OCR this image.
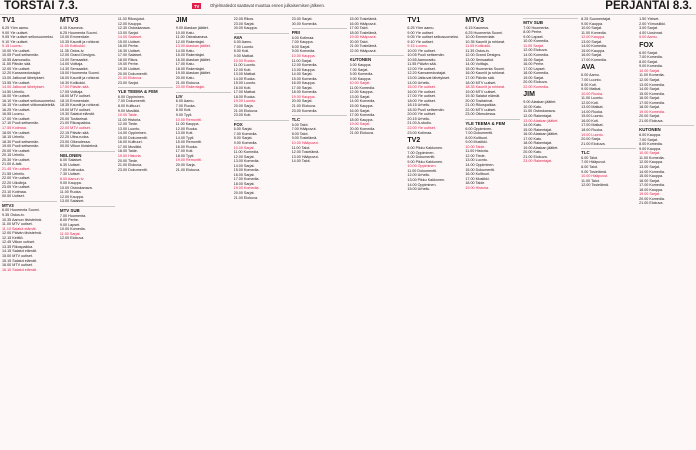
TORSTAI 7.3.	TV	Ohjelmatiedot saattavat muuttua ennen julkaisemisen jälkeen.	PERJANTAI 8.3.
TV1
6.25 Yöm aamu.
9.00 Yle uutiset.
9.05 Yle uutiset selkosuomeksi.
9.10 Yle uutiset.
9.15 Luomu.
10.00 Yle uutiset.
10.05 Puoli seitsemän.
10.55 Aamuradio.
11.55 Päivän sää.
12.00 Yle uutiset.
12.20 Kansanedustajat.
13.00 Jatkuvat lähetykset.
13.55 Yle uutiset.
14.00 Jatkuvat lähetykset.
14.50 Urheilu.
16.00 Yle uutiset.
16.10 Yle uutiset selkosuomeksi.
16.15 Yle uutiset viittomakielellä.
16.25 Yle uutiset.
16.55 Luomu.
17.00 Yle uutiset.
17.10 Puoli seitsemän.
17.55 Kotimaa.
18.00 Yle uutiset.
18.15 Urheilu.
18.30 Puoli seitsemän.
19.00 Puoli seitsemän.
20.00 Yle uutiset.
20.15 Urheilu.
20.30 Yle uutiset.
21.00 A-talk.
21.45 Yle uutiset.
21.55 Urheilu.
22.00 Yle uutiset.
22.20 Ulkolinja.
23.05 Yle uutiset.
23.10 Kotimaa.
00.00 Uutiset.
MTV3
6.00 Huomenta Suomi.
9.35 Ostos-tv.
10.35 Aamun tiivistelmä.
11.00 MTV uutiset.
11.10 Salatut elämät.
12.00 Päivän tiivistelmä.
12.15 Keittiö.
12.45 Viikon uutiset.
13.35 Rikospaikka.
14.15 Salatut elämät.
15.00 MTV uutiset.
15.15 Salatut elämät.
16.00 MTV uutiset.
16.10 Salatut elämät.
MTV3
6.15 Kauneus.
6.25 Huomenta Suomi.
10.00 Emmerdale.
10.35 Kauniit ja rohkeat.
11.05 Kotikokki.
11.35 Ostos-tv.
12.00 Grand Designs.
13.00 Sensaatiot.
14.00 Voittaja.
14.30 Sensaatiot.
15.00 Huomenta Suomi.
16.00 Kauniit ja rohkeat.
16.30 Kotikokki.
17.00 Päivän sää.
17.05 Voittaja.
18.00 MTV uutiset.
18.10 Emmerdale.
18.35 Kauniit ja rohkeat.
19.00 MTV uutiset.
19.30 Salatut elämät.
20.00 Tositarinat.
21.00 Rikospaikka.
22.00 MTV uutiset.
22.15 Päivän sää.
22.20 Ultra-ruoka.
23.00 Oikeudessa.
00.00 Viikon tiivistelmä.
NELONEN
6.00 Salaiset.
6.30 Uutiset.
7.00 Kotiruoka.
7.30 Uutiset.
8.00 Aamun tv.
9.00 Kauppa.
10.00 Ostoskanava.
11.00 Ruoka.
12.00 Kauppa.
13.00 Salaiset.
MTV SUB
7.00 Huomenta.
8.00 Perhe.
9.00 Lapset.
10.00 Komedia.
11.00 Sarjat.
12.00 Elokuva.
11.30 Rikosjutut.
12.00 Kauppa.
12.30 Ostoskanava.
13.00 Sarjat.
14.00 Salaiset.
15.00 Uutiset.
16.00 Perhe.
16.30 Uutiset.
17.00 Salaiset.
18.00 Rikos.
19.00 Perhe.
19.30 Uutiset.
20.00 Dokumentti.
21.00 Elokuva.
23.00 Sarjat.
YLE TEEMA & FEM
6.00 Oppiminen.
7.00 Dokumentti.
8.00 Kulttuuri.
9.00 Musiikki.
10.00 Taide.
11.00 Historia.
12.00 Tiede.
13.00 Luonto.
14.00 Oppiminen.
15.00 Dokumentti.
16.00 Kulttuuri.
17.00 Musiikki.
18.00 Taide.
19.00 Historia.
20.00 Tiede.
21.00 Elokuva.
23.00 Dokumentti.
JIM
9.00 Alaskan jäätiet.
10.00 Katu.
11.00 Ostoskanava.
12.00 Rakentajat.
13.00 Alaskan jäätiet.
14.00 Katu.
15.00 Rakentajat.
16.00 Alaskan jäätiet.
17.00 Katu.
18.00 Rakentajat.
19.00 Alaskan jäätiet.
20.00 Katu.
21.00 Elokuva.
23.00 Rakentajat.
LIV
6.00 Aamu.
7.00 Ruoka.
8.00 Koti.
9.00 Tyyli.
10.00 Remontti.
11.00 Kauppa.
12.00 Ruoka.
13.00 Koti.
14.00 Tyyli.
15.00 Remontti.
16.00 Ruoka.
17.00 Koti.
18.00 Tyyli.
19.00 Remontti.
20.00 Sarja.
21.00 Elokuva.
22.05 Rikos.
23.00 Sarjat.
00.00 Kauppa.
AVA
6.00 Aamu.
7.00 Luonto.
8.00 Koti.
9.00 Matkat.
10.00 Ruoka.
11.00 Luonto.
12.00 Koti.
13.00 Matkat.
14.00 Ruoka.
15.00 Luonto.
16.00 Koti.
17.00 Matkat.
18.00 Ruoka.
19.00 Luonto.
20.00 Sarja.
21.00 Elokuva.
23.00 Koti.
FOX
6.00 Sarjat.
7.00 Komedia.
8.00 Sarjat.
9.00 Komedia.
10.00 Sarjat.
11.00 Komedia.
12.00 Sarjat.
13.00 Komedia.
14.00 Sarjat.
15.00 Komedia.
16.00 Sarjat.
17.00 Komedia.
18.00 Sarjat.
19.00 Komedia.
20.00 Sarjat.
21.00 Elokuva.
23.00 Sarjat.
00.00 Komedia.
FRII
6.00 Kotimaa.
7.00 Kauppa.
8.00 Sarjat.
9.00 Komedia.
10.00 Kauppa.
11.00 Sarjat.
12.00 Komedia.
13.00 Kauppa.
14.00 Sarjat.
15.00 Komedia.
16.00 Kauppa.
17.00 Sarjat.
18.00 Komedia.
19.00 Kauppa.
20.00 Sarjat.
21.00 Elokuva.
23.00 Komedia.
TLC
6.00 Talot.
7.00 Hääpuvut.
8.00 Talot.
9.00 Tosielämä.
10.00 Hääpuvut.
11.00 Talot.
12.00 Tosielämä.
13.00 Hääpuvut.
14.00 Talot.
15.00 Tosielämä.
16.00 Hääpuvut.
17.00 Talot.
18.00 Tosielämä.
19.00 Hääpuvut.
20.00 Talot.
21.00 Tosielämä.
22.00 Hääpuvut.
KUTONEN
6.00 Kauppa.
7.00 Sarjat.
8.00 Komedia.
9.00 Kauppa.
10.00 Sarjat.
11.00 Komedia.
12.00 Kauppa.
13.00 Sarjat.
14.00 Komedia.
15.00 Kauppa.
16.00 Sarjat.
17.00 Komedia.
18.00 Kauppa.
19.00 Sarjat.
20.00 Komedia.
21.00 Elokuva.
TV1
6.25 Yöm aamu.
9.00 Yle uutiset.
9.05 Yle uutiset selkosuomeksi.
9.10 Yle uutiset.
9.15 Luomu.
10.00 Yle uutiset.
10.05 Puoli seitsemän.
10.55 Aamuradio.
11.55 Päivän sää.
12.00 Yle uutiset.
12.20 Kansanedustajat.
13.00 Jatkuvat lähetykset.
14.00 Urheilu.
15.00 Yle uutiset.
16.00 Yle uutiset.
17.00 Yle uutiset.
18.00 Yle uutiset.
18.15 Urheilu.
18.30 Puoli seitsemän.
20.00 Yle uutiset.
20.15 Urheilu.
21.00 A-studio.
22.00 Yle uutiset.
23.00 Kotimaa.
TV2
6.00 Pikku Kakkonen.
7.00 Oppiminen.
8.00 Dokumentti.
9.00 Pikku Kakkonen.
10.00 Oppiminen.
11.00 Dokumentti.
12.00 Urheilu.
13.00 Pikku Kakkonen.
14.00 Oppiminen.
15.00 Urheilu.
MTV3
6.15 Kauneus.
6.25 Huomenta Suomi.
10.00 Emmerdale.
10.35 Kauniit ja rohkeat.
11.05 Kotikokki.
11.35 Ostos-tv.
12.00 Grand Designs.
13.00 Sensaatiot.
14.00 Voittaja.
15.00 Huomenta Suomi.
16.00 Kauniit ja rohkeat.
17.00 Päivän sää.
18.00 MTV uutiset.
18.35 Kauniit ja rohkeat.
19.00 MTV uutiset.
19.30 Salatut elämät.
20.00 Tositarinat.
21.00 Rikospaikka.
22.00 MTV uutiset.
23.00 Oikeudessa.
YLE TEEMA & FEM
6.00 Oppiminen.
7.00 Dokumentti.
8.00 Kulttuuri.
9.00 Musiikki.
10.00 Taide.
11.00 Historia.
12.00 Tiede.
13.00 Luonto.
14.00 Oppiminen.
15.00 Dokumentti.
16.00 Kulttuuri.
17.00 Musiikki.
18.00 Taide.
19.00 Historia.
MTV SUB
7.00 Huomenta.
8.00 Perhe.
9.00 Lapset.
10.00 Komedia.
11.00 Sarjat.
12.00 Elokuva.
14.00 Komedia.
15.00 Sarjat.
16.00 Perhe.
17.00 Lapset.
18.00 Komedia.
19.00 Sarjat.
20.00 Elokuva.
22.00 Komedia.
JIM
9.00 Alaskan jäätiet.
10.00 Katu.
11.00 Ostoskanava.
12.00 Rakentajat.
13.00 Alaskan jäätiet.
14.00 Katu.
15.00 Rakentajat.
16.00 Alaskan jäätiet.
17.00 Katu.
18.00 Rakentajat.
19.00 Alaskan jäätiet.
20.00 Katu.
21.00 Elokuva.
23.00 Rakentajat.
8.25 Suomentajat.
9.00 Kauppa.
10.00 Sarjat.
11.00 Komedia.
12.00 Kauppa.
13.00 Sarjat.
14.00 Komedia.
15.00 Kauppa.
16.00 Sarjat.
17.00 Komedia.
AVA
6.00 Aamu.
7.00 Luonto.
8.00 Koti.
9.00 Matkat.
10.00 Ruoka.
11.00 Luonto.
12.00 Koti.
13.00 Matkat.
14.00 Ruoka.
15.00 Luonto.
16.00 Koti.
17.00 Matkat.
18.00 Ruoka.
19.00 Luonto.
20.00 Sarja.
21.00 Elokuva.
TLC
6.00 Talot.
7.00 Hääpuvut.
8.00 Talot.
9.00 Tosielämä.
10.00 Hääpuvut.
11.00 Talot.
12.00 Tosielämä.
1.50 Yleiset.
2.00 Yömusiikki.
3.00 Sarjat.
4.00 Uusinnat.
5.00 Aamu.
FOX
6.00 Sarjat.
7.00 Komedia.
8.00 Sarjat.
9.00 Komedia.
10.00 Sarjat.
11.00 Komedia.
12.00 Sarjat.
13.00 Komedia.
14.00 Sarjat.
15.00 Komedia.
16.00 Sarjat.
17.00 Komedia.
18.00 Sarjat.
19.00 Komedia.
20.00 Sarjat.
21.00 Elokuva.
KUTONEN
6.00 Kauppa.
7.00 Sarjat.
8.00 Komedia.
9.00 Kauppa.
10.00 Sarjat.
11.00 Komedia.
12.00 Kauppa.
13.00 Sarjat.
14.00 Komedia.
15.00 Kauppa.
16.00 Sarjat.
17.00 Komedia.
18.00 Kauppa.
19.00 Sarjat.
20.00 Komedia.
21.00 Elokuva.
